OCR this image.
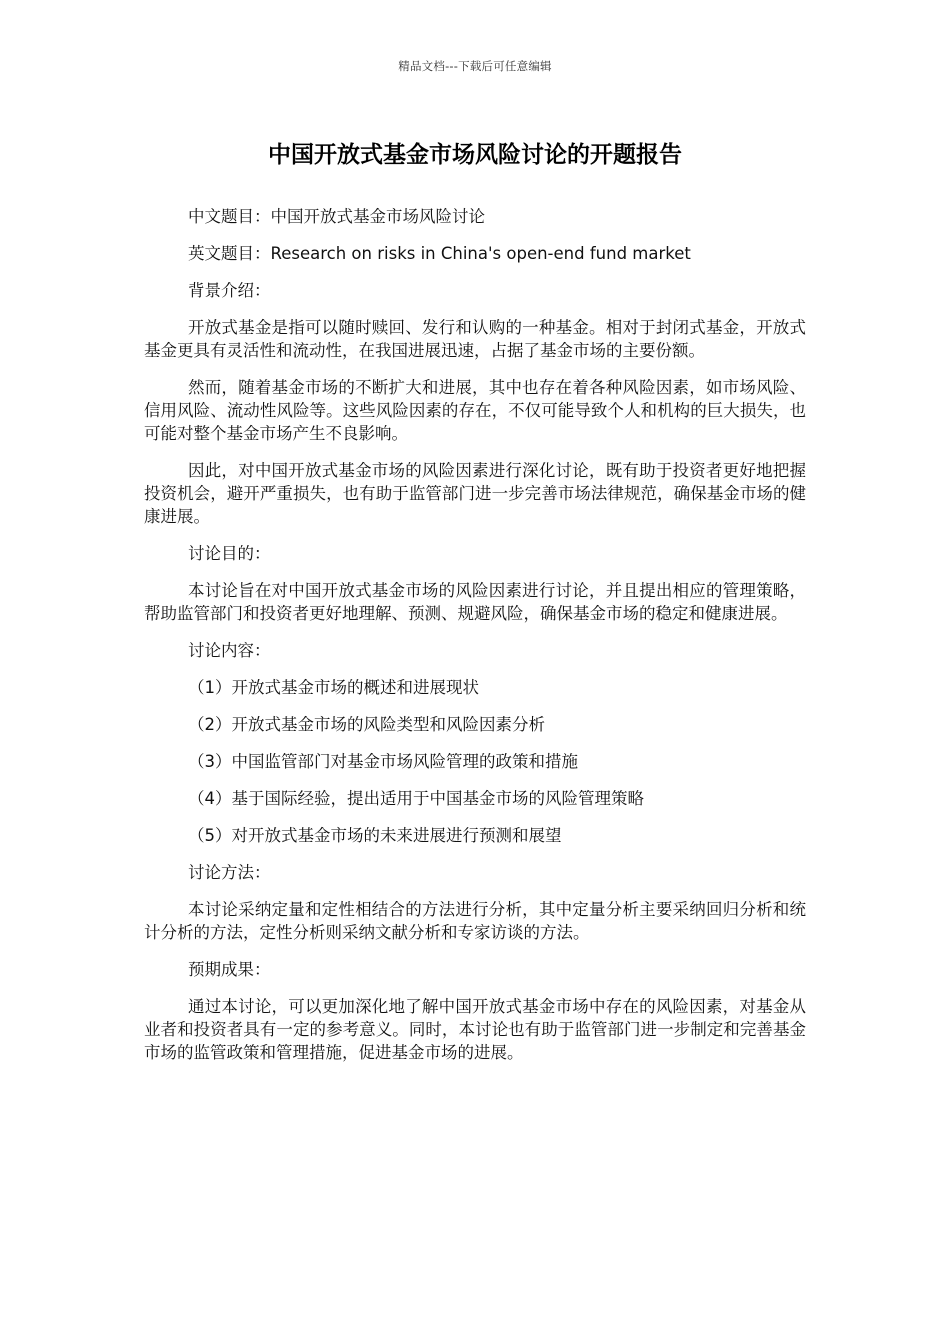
精品文档---下载后可任意编辑
中国开放式基金市场风险讨论的开题报告

中文题目：中国开放式基金市场风险讨论

英文题目：Research on risks in China's open-end fund market

背景介绍：

开放式基金是指可以随时赎回、发行和认购的一种基金。相对于封闭式基金，开放式基金更具有灵活性和流动性，在我国进展迅速，占据了基金市场的主要份额。

然而，随着基金市场的不断扩大和进展，其中也存在着各种风险因素，如市场风险、信用风险、流动性风险等。这些风险因素的存在，不仅可能导致个人和机构的巨大损失，也可能对整个基金市场产生不良影响。

因此，对中国开放式基金市场的风险因素进行深化讨论，既有助于投资者更好地把握投资机会，避开严重损失，也有助于监管部门进一步完善市场法律规范，确保基金市场的健康进展。

讨论目的：

本讨论旨在对中国开放式基金市场的风险因素进行讨论，并且提出相应的管理策略，帮助监管部门和投资者更好地理解、预测、规避风险，确保基金市场的稳定和健康进展。

讨论内容：

（1）开放式基金市场的概述和进展现状

（2）开放式基金市场的风险类型和风险因素分析

（3）中国监管部门对基金市场风险管理的政策和措施

（4）基于国际经验，提出适用于中国基金市场的风险管理策略

（5）对开放式基金市场的未来进展进行预测和展望

讨论方法：

本讨论采纳定量和定性相结合的方法进行分析，其中定量分析主要采纳回归分析和统计分析的方法，定性分析则采纳文献分析和专家访谈的方法。

预期成果：

通过本讨论，可以更加深化地了解中国开放式基金市场中存在的风险因素，对基金从业者和投资者具有一定的参考意义。同时，本讨论也有助于监管部门进一步制定和完善基金市场的监管政策和管理措施，促进基金市场的进展。
